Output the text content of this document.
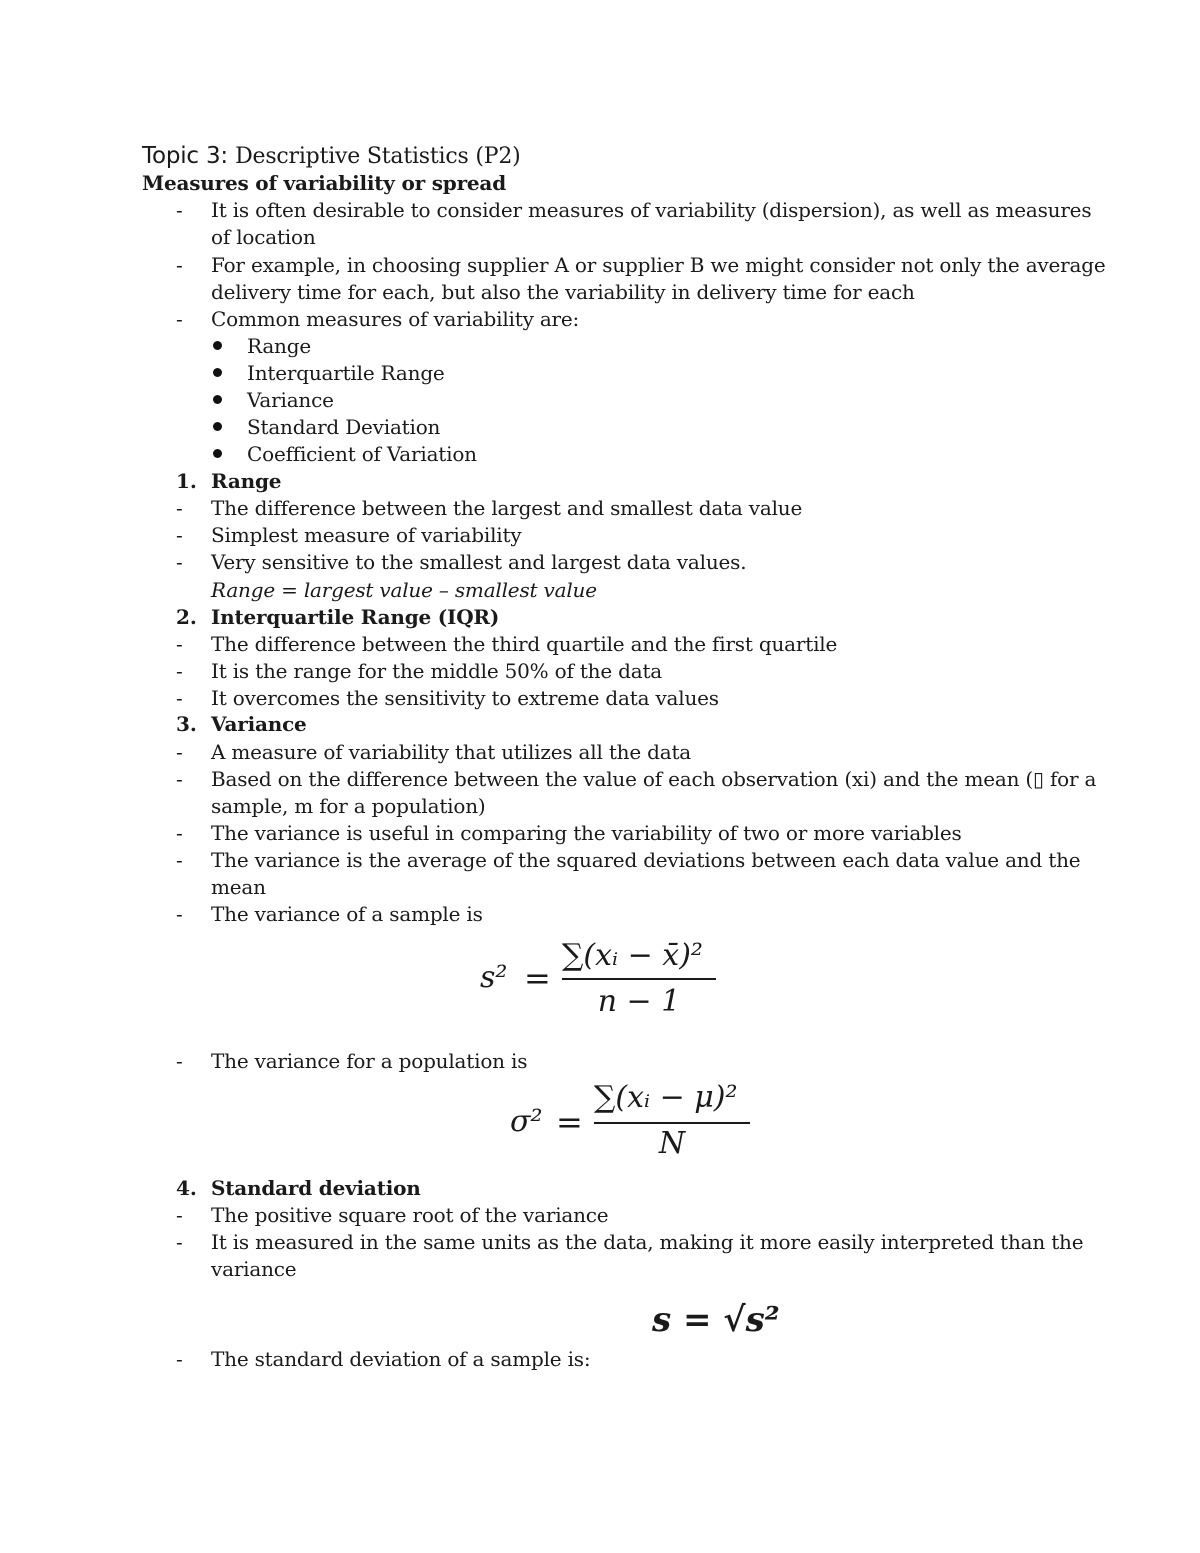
Topic 3: Descriptive Statistics (P2)
Measures of variability or spread
- It is often desirable to consider measures of variability (dispersion), as well as measures
of location
- For example, in choosing supplier A or supplier B we might consider not only the average
delivery time for each, but also the variability in delivery time for each
- Common measures of variability are:
Range
Interquartile Range
Variance
Standard Deviation
Coefficient of Variation
1. Range
- The difference between the largest and smallest data value
- Simplest measure of variability
- Very sensitive to the smallest and largest data values.
Range = largest value – smallest value
2. Interquartile Range (IQR)
- The difference between the third quartile and the first quartile
- It is the range for the middle 50% of the data
- It overcomes the sensitivity to extreme data values
3. Variance
- A measure of variability that utilizes all the data
- Based on the difference between the value of each observation (xi) and the mean (▯ for a
sample, m for a population)
- The variance is useful in comparing the variability of two or more variables
- The variance is the average of the squared deviations between each data value and the
mean
- The variance of a sample is
s² =
∑(xᵢ − x̄)²
n − 1
- The variance for a population is
σ² =
∑(xᵢ − μ)²
N
4. Standard deviation
- The positive square root of the variance
- It is measured in the same units as the data, making it more easily interpreted than the
variance
s = √s²
- The standard deviation of a sample is:
